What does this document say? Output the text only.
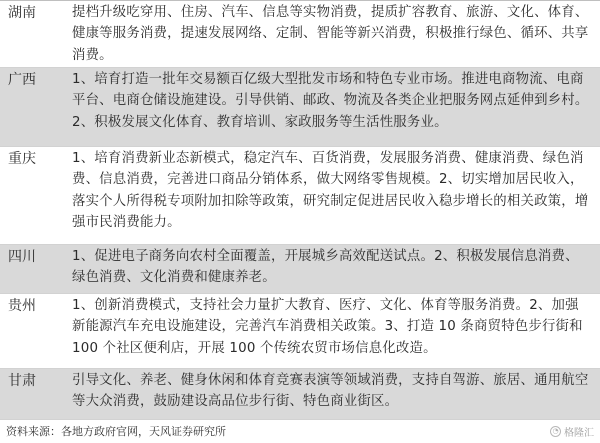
湖南	提档升级吃穿用、住房、汽车、信息等实物消费，提质扩容教育、旅游、文化、体育、健康等服务消费，提速发展网络、定制、智能等新兴消费，积极推行绿色、循环、共享消费。
广西	1、培育打造一批年交易额百亿级大型批发市场和特色专业市场。推进电商物流、电商平台、电商仓储设施建设。引导供销、邮政、物流及各类企业把服务网点延伸到乡村。2、积极发展文化体育、教育培训、家政服务等生活性服务业。
重庆	1、培育消费新业态新模式，稳定汽车、百货消费，发展服务消费、健康消费、绿色消费、信息消费，完善进口商品分销体系，做大网络零售规模。2、切实增加居民收入，落实个人所得税专项附加扣除等政策，研究制定促进居民收入稳步增长的相关政策，增强市民消费能力。
四川	1、促进电子商务向农村全面覆盖，开展城乡高效配送试点。2、积极发展信息消费、绿色消费、文化消费和健康养老。
贵州	1、创新消费模式，支持社会力量扩大教育、医疗、文化、体育等服务消费。2、加强新能源汽车充电设施建设，完善汽车消费相关政策。3、打造 10 条商贸特色步行街和 100 个社区便利店，开展 100 个传统农贸市场信息化改造。
甘肃	引导文化、养老、健身休闲和体育竞赛表演等领域消费，支持自驾游、旅居、通用航空等大众消费，鼓励建设高品位步行街、特色商业街区。
资料来源：各地方政府官网，天风证券研究所	◔ 格隆汇
